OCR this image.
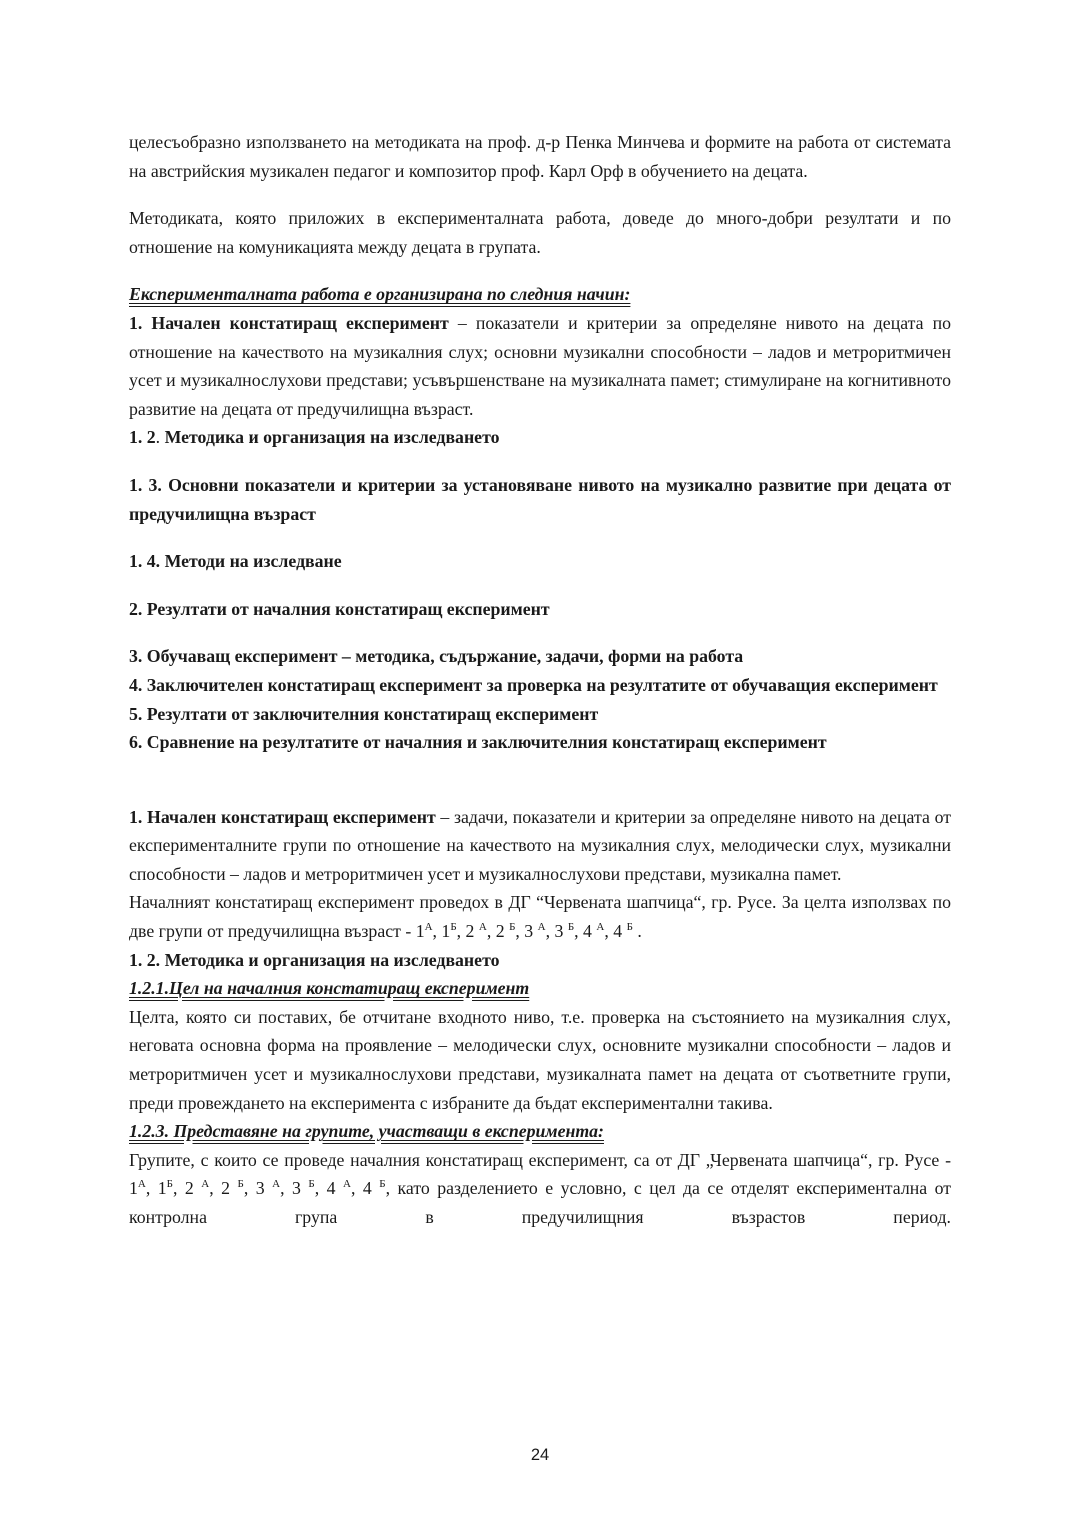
целесъобразно използването на методиката на проф. д-р Пенка Минчева и формите на работа от системата на австрийския музикален педагог и композитор проф. Карл Орф в обучението на децата.

Методиката, която приложих в експерименталната работа, доведе до много-добри резултати и по отношение на комуникацията между децата в групата.

Експерименталната работа е организирана по следния начин:

1. Начален констатиращ експеримент – показатели и критерии за определяне нивото на децата по отношение на качеството на музикалния слух; основни музикални способности – ладов и метроритмичен усет и музикалнослухови представи; усъвършенстване на музикалната памет; стимулиране на когнитивното развитие на децата от предучилищна възраст.

1. 2. Методика и организация на изследването

1. 3. Основни показатели и критерии за установяване нивото на музикално развитие при децата от предучилищна възраст

1. 4. Методи на изследване

2. Резултати от началния констатиращ експеримент

3. Обучаващ експеримент – методика, съдържание, задачи, форми на работа

4. Заключителен констатиращ експеримент за проверка на резултатите от обучаващия експеримент

5. Резултати от заключителния констатиращ експеримент

6. Сравнение на резултатите от началния и заключителния констатиращ експеримент

1. Начален констатиращ експеримент – задачи, показатели и критерии за определяне нивото на децата от експерименталните групи по отношение на качеството на музикалния слух, мелодически слух, музикални способности – ладов и метроритмичен усет и музикалнослухови представи, музикална памет.

Началният констатиращ експеримент проведох в ДГ “Червената шапчица“, гр. Русе. За целта използвах по две групи от предучилищна възраст - $1^А$, $1^Б$, 2 $^А$, 2 $^Б$, 3 $^А$, 3 $^Б$, 4 $^А$, 4 $^Б$ .

1. 2. Методика и организация на изследването

1.2.1.Цел на началния констатиращ експеримент

Целта, която си поставих, бе отчитане входното ниво, т.е. проверка на състоянието на музикалния слух, неговата основна форма на проявление – мелодически слух, основните музикални способности – ладов и метроритмичен усет и музикалнослухови представи, музикалната памет на децата от съответните групи, преди провеждането на експеримента с избраните да бъдат експериментални такива.

1.2.3. Представяне на групите, участващи в експеримента:

Групите, с които се проведе началния констатиращ експеримент, са от ДГ „Червената шапчица“, гр. Русе - $1^А$, $1^Б$, 2 $^А$, 2 $^Б$, 3 $^А$, 3 $^Б$, 4 $^А$, 4 $^Б$, като разделението е условно, с цел да се отделят експериментална от контролна група в предучилищния възрастов период.

24
